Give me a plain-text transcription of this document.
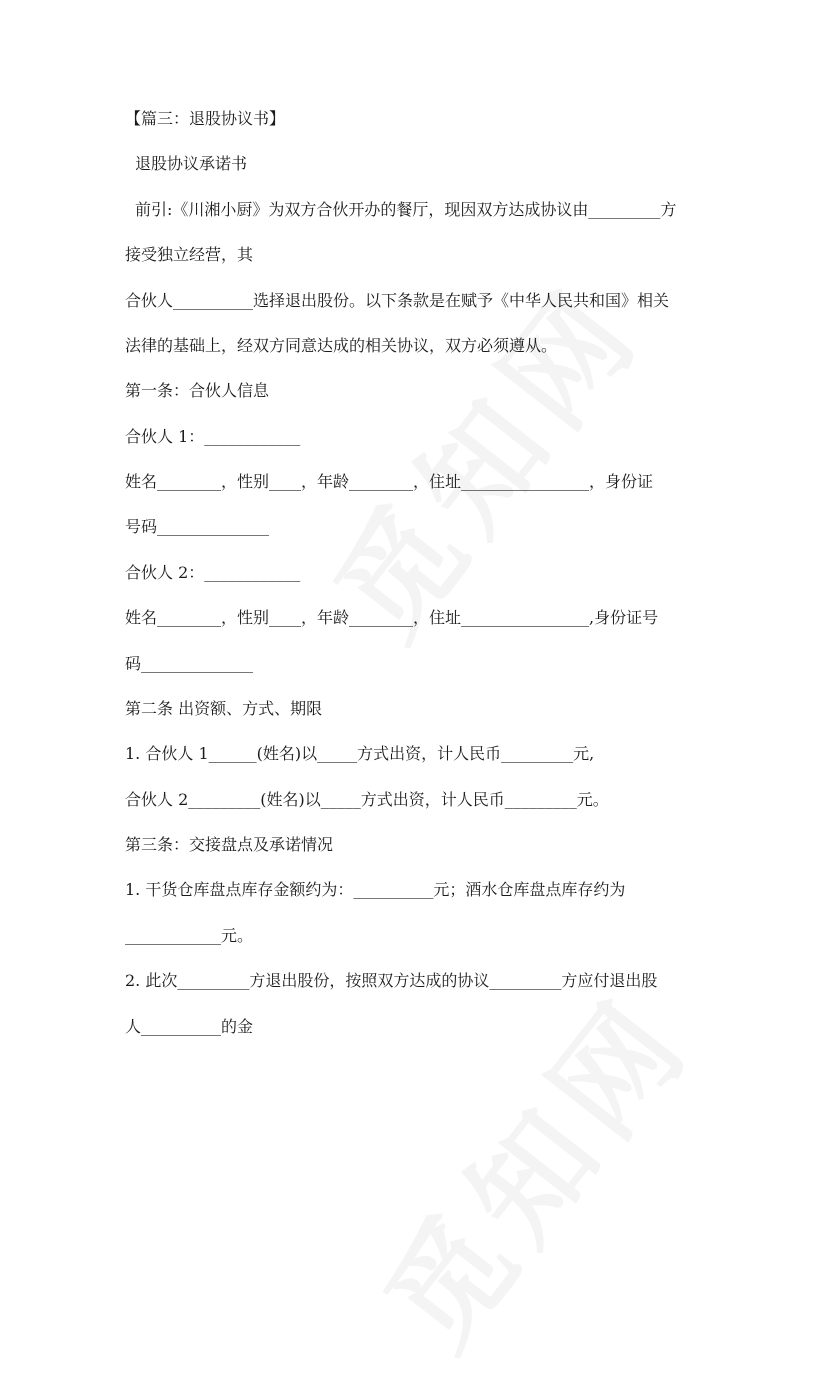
【篇三：退股协议书】
退股协议承诺书
前引:《川湘小厨》为双方合伙开办的餐厅，现因双方达成协议由_________方
接受独立经营，其
合伙人__________选择退出股份。以下条款是在赋予《中华人民共和国》相关
法律的基础上，经双方同意达成的相关协议，双方必须遵从。
第一条：合伙人信息
合伙人 1：____________
姓名________，性别____，年龄________，住址________________，身份证
号码______________
合伙人 2：____________
姓名________，性别____，年龄________，住址________________,身份证号
码______________
第二条 出资额、方式、期限
1. 合伙人 1______(姓名)以_____方式出资，计人民币_________元,
合伙人 2_________(姓名)以_____方式出资，计人民币_________元。
第三条：交接盘点及承诺情况
1. 干货仓库盘点库存金额约为：__________元；酒水仓库盘点库存约为
____________元。
2. 此次_________方退出股份，按照双方达成的协议_________方应付退出股
人__________的金
